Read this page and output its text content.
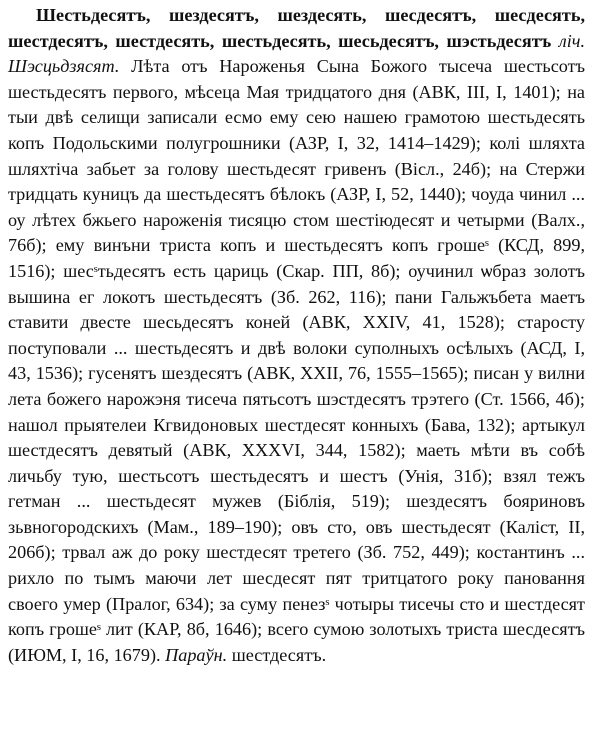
Шестьдесятъ, шездесятъ, шездесять, шесдесятъ, шесдесять, шестдесятъ, шестдесять, шестьдесять, шесьдесятъ, шэстьдесятъ ліч. Шэсцьдзясят. Лѣта отъ Нароженья Сына Божого тысеча шестьсотъ шестьдесятъ первого, мѣсеца Мая тридцатого дня (АВК, III, I, 1401); на тыи двѣ селищи записали есмо ему сею нашею грамотою шестьдесять копъ Подольскими полугрошники (АЗР, I, 32, 1414–1429); колі шляхта шляхтіча забьет за голову шестьдесят гривенъ (Вісл., 24б); на Стержи тридцать куницъ да шестьдесятъ бѣлокъ (АЗР, I, 52, 1440); чоуда чинил ... оу лѣтех бжьего нароженія тисяцю стом шестіюдесят и четырми (Валх., 76б); ему винъни триста копъ и шестьдесятъ копъ грошеˢ (КСД, 899, 1516); шесˢтьдесятъ есть цариць (Скар. ПП, 8б); оучинил ѡбраз золотъ вышина ег локотъ шестьдесятъ (Зб. 262, 116); пани Гальжъбета маетъ ставити двесте шесьдесятъ коней (АВК, XXIV, 41, 1528); старосту поступовали ... шестьдесятъ и двѣ волоки суполныхъ осѣлыхъ (АСД, I, 43, 1536); гусенятъ шездесятъ (АВК, XXII, 76, 1555–1565); писан у вилни лета божего нарожэня тисеча пятьсотъ шэстдесятъ трэтего (Ст. 1566, 4б); нашол прыятелеи Кгвидоновых шестдесят конныхъ (Бава, 132); артыкул шестдесятъ девятый (АВК, XXXVI, 344, 1582); маеть мѣти въ собѣ личьбу тую, шестьсотъ шестьдесятъ и шестъ (Унія, 31б); взял тежъ гетман ... шестьдесят мужев (Біблія, 519); шездесятъ бояриновъ зьвногородскихъ (Мам., 189–190); овъ сто, овъ шестьдесят (Каліст, II, 206б); трвал аж до року шестдесят третего (Зб. 752, 449); костантинъ ... рихло по тымъ маючи лет шесдесят пят тритцатого року пановання своего умер (Пралог, 634); за суму пенезˢ чотыры тисечы сто и шестдесят копъ грошеˢ лит (КАР, 8б, 1646); всего сумою золотыхъ триста шесдесятъ (ИЮМ, I, 16, 1679). Параўн. шестдесятъ.
